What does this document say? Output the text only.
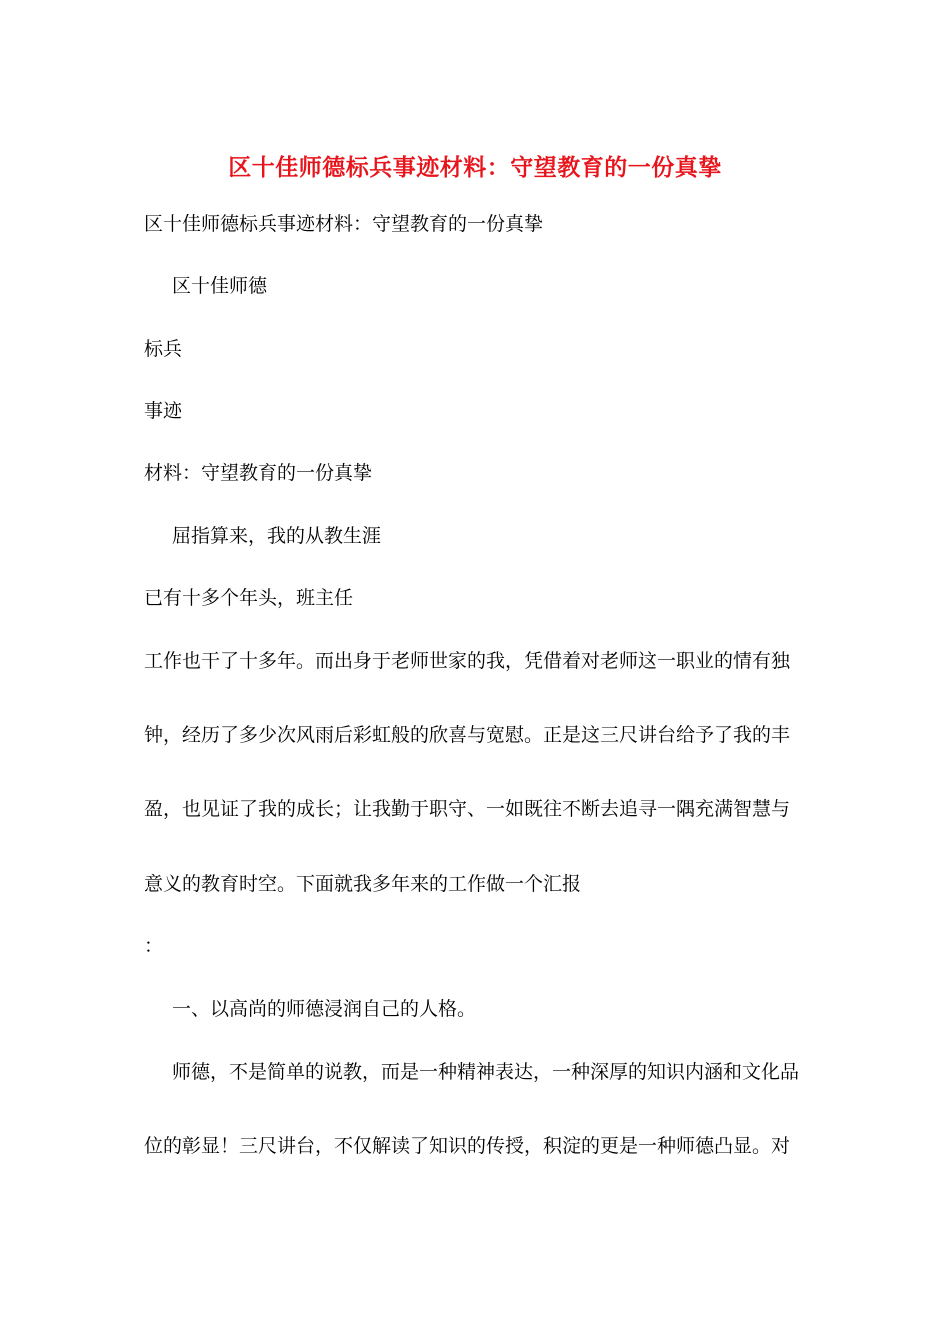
区十佳师德标兵事迹材料：守望教育的一份真挚
区十佳师德标兵事迹材料：守望教育的一份真挚
区十佳师德
标兵
事迹
材料：守望教育的一份真挚
屈指算来，我的从教生涯
已有十多个年头，班主任
工作也干了十多年。而出身于老师世家的我，凭借着对老师这一职业的情有独
钟，经历了多少次风雨后彩虹般的欣喜与宽慰。正是这三尺讲台给予了我的丰
盈，也见证了我的成长；让我勤于职守、一如既往不断去追寻一隅充满智慧与
意义的教育时空。下面就我多年来的工作做一个汇报
：
一、以高尚的师德浸润自己的人格。
师德，不是简单的说教，而是一种精神表达，一种深厚的知识内涵和文化品
位的彰显！三尺讲台，不仅解读了知识的传授，积淀的更是一种师德凸显。对
